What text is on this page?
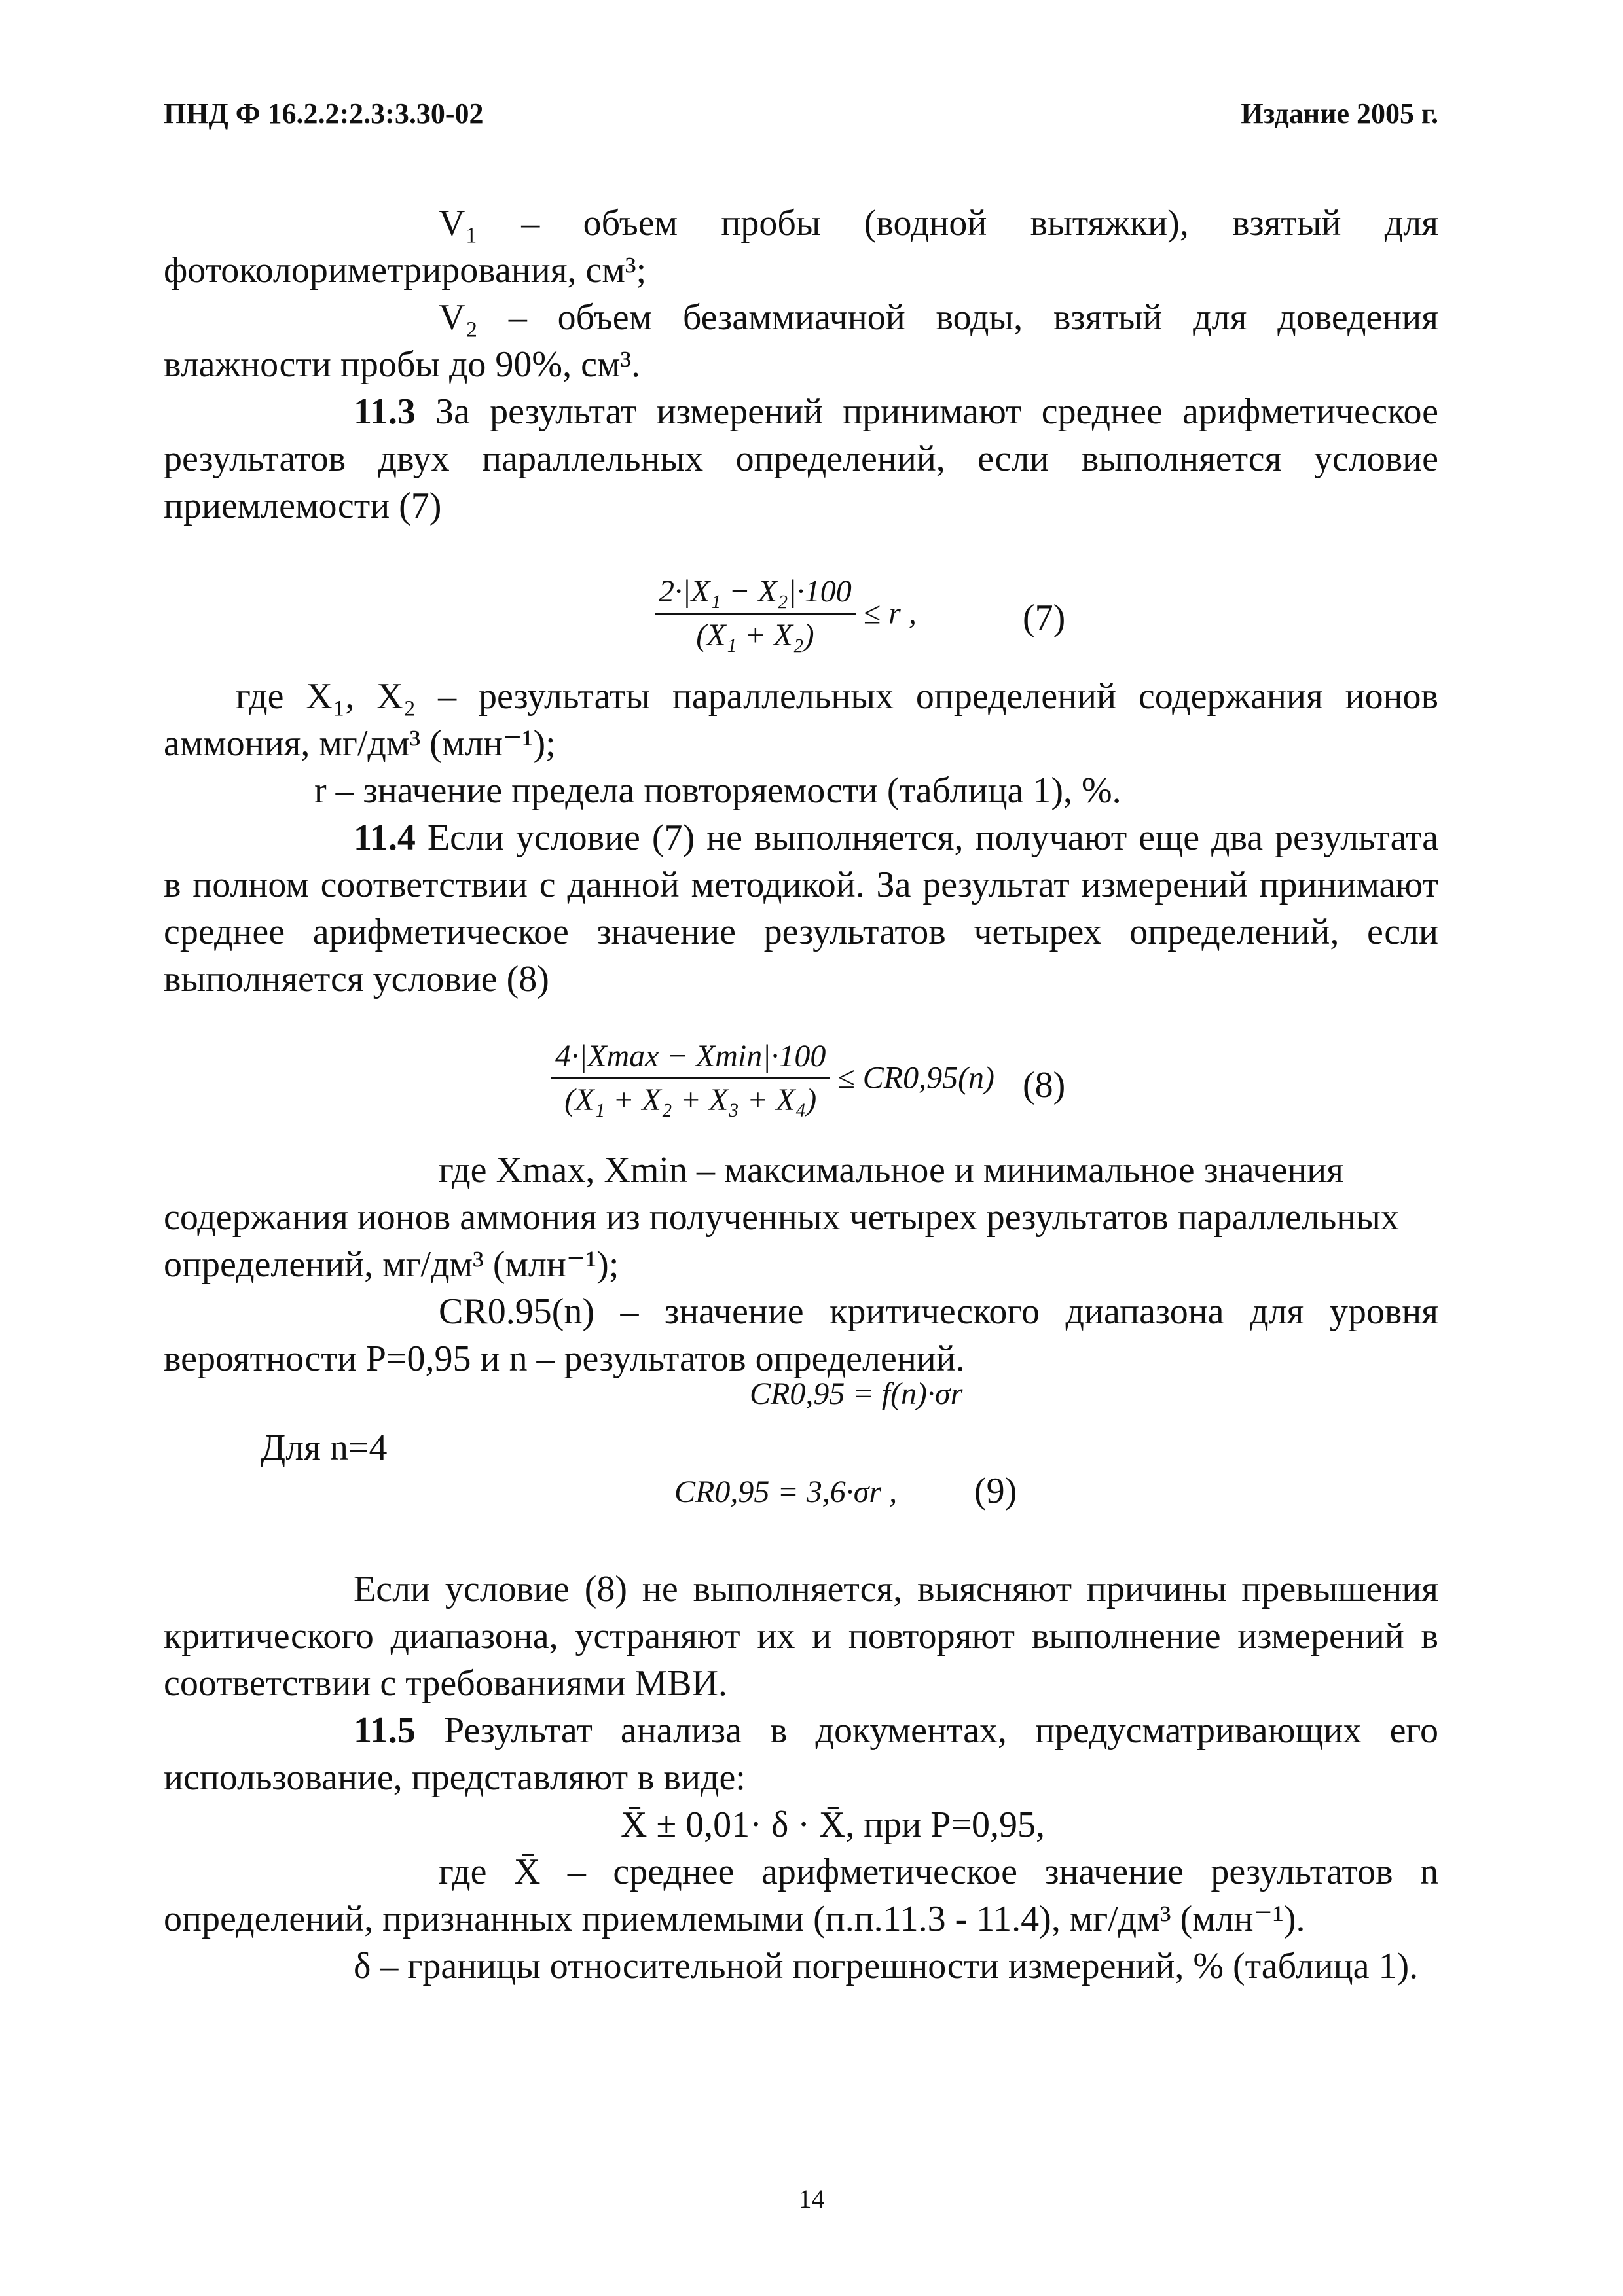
ПНД Ф 16.2.2:2.3:3.30-02	Издание 2005 г.
V₁ – объем пробы (водной вытяжки), взятый для фотоколориметрирования, см³;
V₂ – объем безаммиачной воды, взятый для доведения влажности пробы до 90%, см³.
11.3 За результат измерений принимают среднее арифметическое результатов двух параллельных определений, если выполняется условие приемлемости (7)
$\frac{\text{2·|X₁ − X₂|·100}}{\text{(X₁ + X₂)}} \le r$ ,	(7)
где X₁, X₂ – результаты параллельных определений содержания ионов аммония, мг/дм³ (млн⁻¹);
r – значение предела повторяемости (таблица 1), %.
11.4 Если условие (7) не выполняется, получают еще два результата в полном соответствии с данной методикой. За результат измерений принимают среднее арифметическое значение результатов четырех определений, если выполняется условие (8)
$\frac{4\cdot|Xmax - Xmin|\cdot 100}{\text{(X₁ + X₂ + X₃ + X₄)}} \le CR0,95(n)$ (8)
где Xmax, Xmin – максимальное и минимальное значения содержания ионов аммония из полученных четырех результатов параллельных определений, мг/дм³ (млн⁻¹);
CR0.95(n) – значение критического диапазона для уровня вероятности P=0,95 и n – результатов определений.
CR0,95 = f(n)·σr
Для n=4
CR0,95 = 3,6·σr , (9)
Если условие (8) не выполняется, выясняют причины превышения критического диапазона, устраняют их и повторяют выполнение измерений в соответствии с требованиями МВИ.
11.5 Результат анализа в документах, предусматривающих его использование, представляют в виде:
X̄ ± 0,01· δ · X̄, при P=0,95,
где X̄ – среднее арифметическое значение результатов n определений, признанных приемлемыми (п.п.11.3 - 11.4), мг/дм³ (млн⁻¹).
δ – границы относительной погрешности измерений, % (таблица 1).
14
